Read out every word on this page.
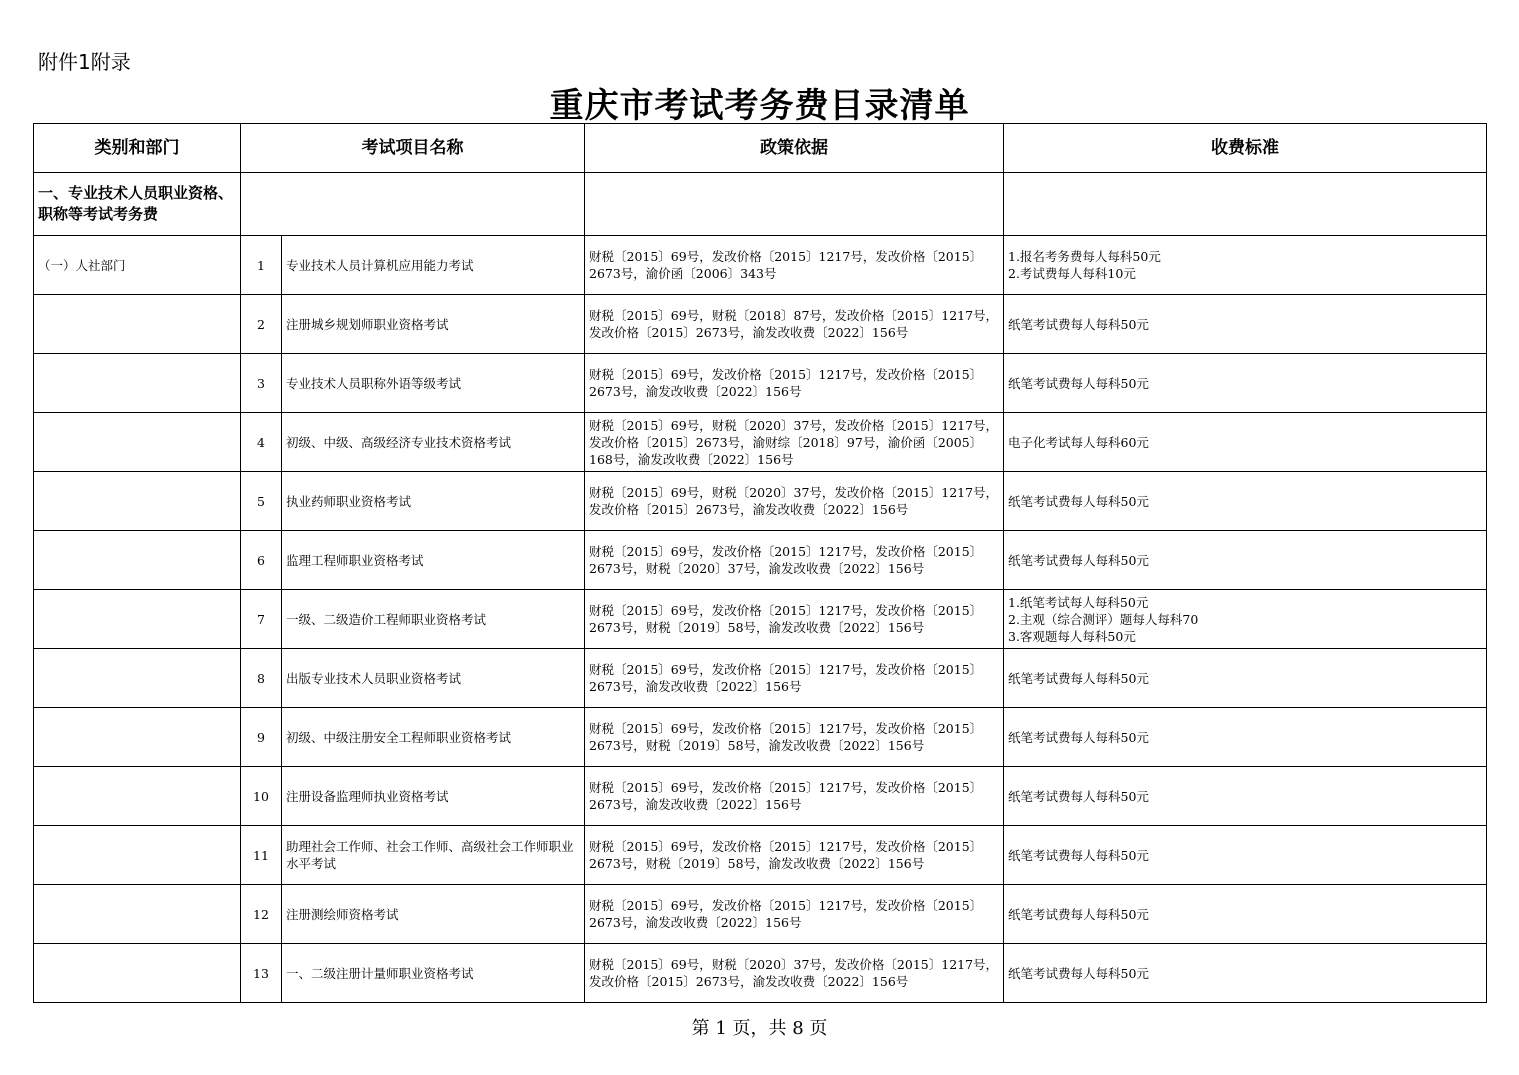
附件1附录
重庆市考试考务费目录清单
类别和部门	考试项目名称		政策依据	收费标准
一、专业技术人员职业资格、职称等考试考务费				
（一）人社部门	1	专业技术人员计算机应用能力考试	财税〔2015〕69号，发改价格〔2015〕1217号，发改价格〔2015〕2673号，渝价函〔2006〕343号	1.报名考务费每人每科50元
2.考试费每人每科10元

	2	注册城乡规划师职业资格考试	财税〔2015〕69号，财税〔2018〕87号，发改价格〔2015〕1217号，发改价格〔2015〕2673号，渝发改收费〔2022〕156号	纸笔考试费每人每科50元

	3	专业技术人员职称外语等级考试	财税〔2015〕69号，发改价格〔2015〕1217号，发改价格〔2015〕2673号，渝发改收费〔2022〕156号	纸笔考试费每人每科50元

	4	初级、中级、高级经济专业技术资格考试	财税〔2015〕69号，财税〔2020〕37号，发改价格〔2015〕1217号，发改价格〔2015〕2673号，渝财综〔2018〕97号，渝价函〔2005〕168号，渝发改收费〔2022〕156号	电子化考试每人每科60元

	5	执业药师职业资格考试	财税〔2015〕69号，财税〔2020〕37号，发改价格〔2015〕1217号，发改价格〔2015〕2673号，渝发改收费〔2022〕156号	纸笔考试费每人每科50元

	6	监理工程师职业资格考试	财税〔2015〕69号，发改价格〔2015〕1217号，发改价格〔2015〕2673号，财税〔2020〕37号，渝发改收费〔2022〕156号	纸笔考试费每人每科50元

	7	一级、二级造价工程师职业资格考试	财税〔2015〕69号，发改价格〔2015〕1217号，发改价格〔2015〕2673号，财税〔2019〕58号，渝发改收费〔2022〕156号	1.纸笔考试每人每科50元
2.主观（综合测评）题每人每科70
3.客观题每人每科50元

	8	出版专业技术人员职业资格考试	财税〔2015〕69号，发改价格〔2015〕1217号，发改价格〔2015〕2673号，渝发改收费〔2022〕156号	纸笔考试费每人每科50元

	9	初级、中级注册安全工程师职业资格考试	财税〔2015〕69号，发改价格〔2015〕1217号，发改价格〔2015〕2673号，财税〔2019〕58号，渝发改收费〔2022〕156号	纸笔考试费每人每科50元

	10	注册设备监理师执业资格考试	财税〔2015〕69号，发改价格〔2015〕1217号，发改价格〔2015〕2673号，渝发改收费〔2022〕156号	纸笔考试费每人每科50元

	11	助理社会工作师、社会工作师、高级社会工作师职业水平考试	财税〔2015〕69号，发改价格〔2015〕1217号，发改价格〔2015〕2673号，财税〔2019〕58号，渝发改收费〔2022〕156号	纸笔考试费每人每科50元

	12	注册测绘师资格考试	财税〔2015〕69号，发改价格〔2015〕1217号，发改价格〔2015〕2673号，渝发改收费〔2022〕156号	纸笔考试费每人每科50元

	13	一、二级注册计量师职业资格考试	财税〔2015〕69号，财税〔2020〕37号，发改价格〔2015〕1217号，发改价格〔2015〕2673号，渝发改收费〔2022〕156号	纸笔考试费每人每科50元
第 1 页，共 8 页
